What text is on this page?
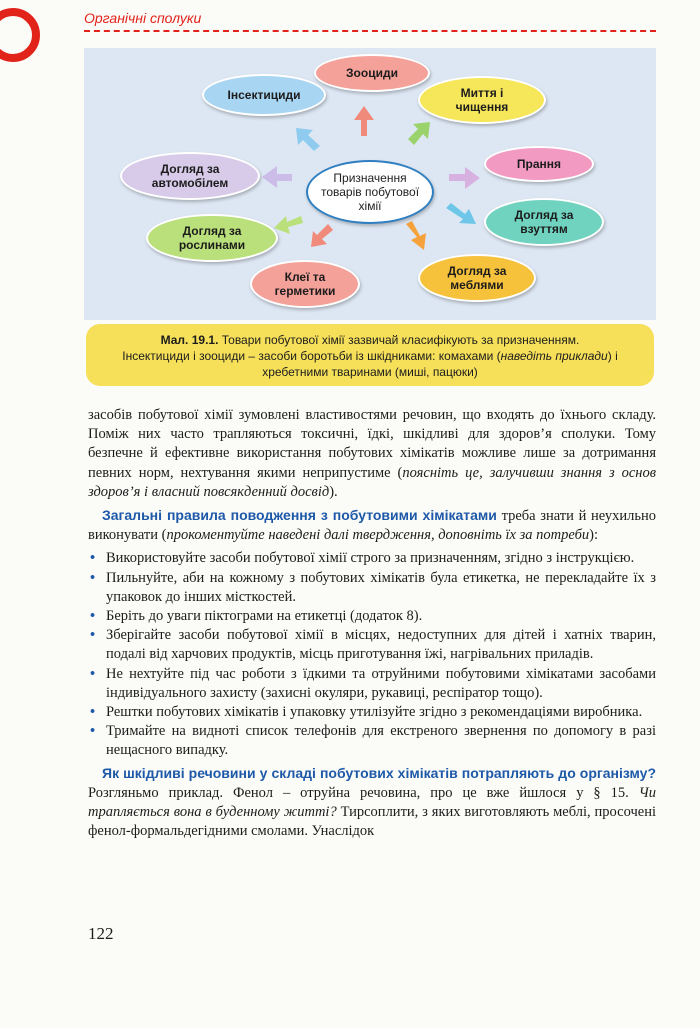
Органічні сполуки
Призначення товарів побутової хімії
Зооциди
Миття і чищення
Прання
Догляд за взуттям
Догляд за меблями
Клеї та герметики
Догляд за рослинами
Догляд за автомобілем
Інсектициди
Мал. 19.1. Товари побутової хімії зазвичай класифікують за призначенням.
Інсектициди і зооциди – засоби боротьби із шкідниками: комахами (наведіть приклади) і
хребетними тваринами (миші, пацюки)

засобів побутової хімії зумовлені властивостями речовин, що входять до їхнього складу. Поміж них часто трапляються токсичні, їдкі, шкідливі для здоров’я сполуки. Тому безпечне й ефективне використання побутових хімікатів можливе лише за дотримання певних норм, нехтування якими неприпустиме (поясніть це, залучивши знання з основ здоров’я і власний повсякденний досвід).

Загальні правила поводження з побутовими хімікатами треба знати й неухильно виконувати (прокоментуйте наведені далі твердження, доповніть їх за потреби):

• Використовуйте засоби побутової хімії строго за призначенням, згідно з інструкцією.
• Пильнуйте, аби на кожному з побутових хімікатів була етикетка, не перекладайте їх з упаковок до інших місткостей.
• Беріть до уваги піктограми на етикетці (додаток 8).
• Зберігайте засоби побутової хімії в місцях, недоступних для дітей і хатніх тварин, подалі від харчових продуктів, місць приготування їжі, нагрівальних приладів.
• Не нехтуйте під час роботи з їдкими та отруйними побутовими хімікатами засобами індивідуального захисту (захисні окуляри, рукавиці, респіратор тощо).
• Рештки побутових хімікатів і упаковку утилізуйте згідно з рекомендаціями виробника.
• Тримайте на видноті список телефонів для екстреного звернення по допомогу в разі нещасного випадку.

Як шкідливі речовини у складі побутових хімікатів потрапляють до організму? Розгляньмо приклад. Фенол – отруйна речовина, про це вже йшлося у § 15. Чи трапляється вона в буденному житті? Тирсоплити, з яких виготовляють меблі, просочені фенол-формальдегідними смолами. Унаслідок

122
